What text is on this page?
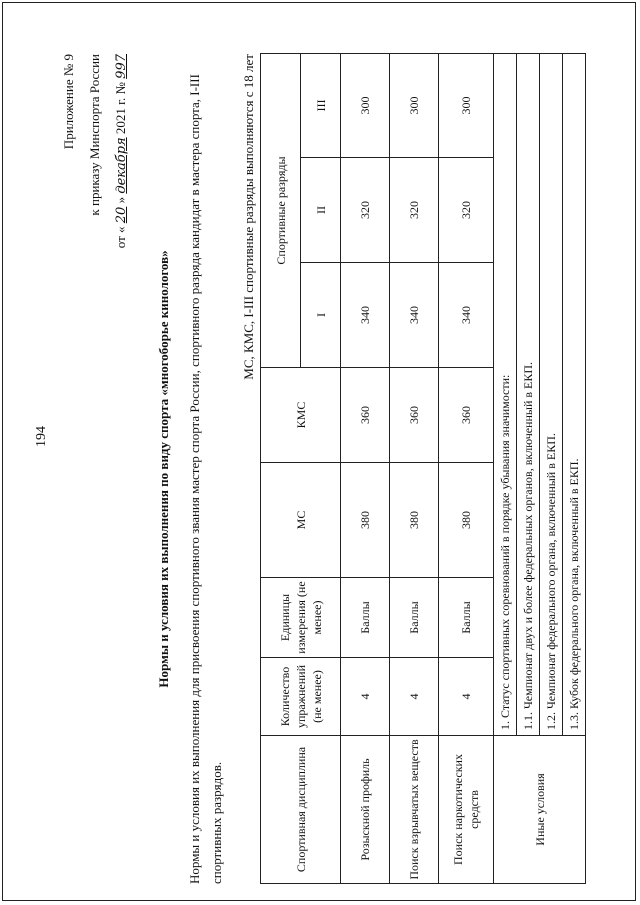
194
Приложение № 9 к приказу Минспорта России
от « 20 » декабря 2021 г. № 997
Нормы и условия их выполнения по виду спорта «многоборье кинологов» Нормы и условия их выполнения для присвоения спортивного звания мастер спорта России, спортивного разряда кандидат в мастера спорта, I-III спортивных разрядов.
МС, КМС, I-III спортивные разряды выполняются с 18 лет
Спортивная дисциплина	Количество упражнений (не менее)	Единицы измерения (не менее)	МС	КМС	Спортивные разряды		
					I	II	III
Розыскной профиль	4	Баллы	380	360	340	320	300
Поиск взрывчатых веществ	4	Баллы	380	360	340	320	300
Поиск наркотических средств	4	Баллы	380	360	340	320	300
Иные условия	1. Статус спортивных соревнований в порядке убывания значимости: 1.1. Чемпионат двух и более федеральных органов, включенный в ЕКП. 1.2. Чемпионат федерального органа, включенный в ЕКП. 1.3. Кубок федерального органа, включенный в ЕКП.						
